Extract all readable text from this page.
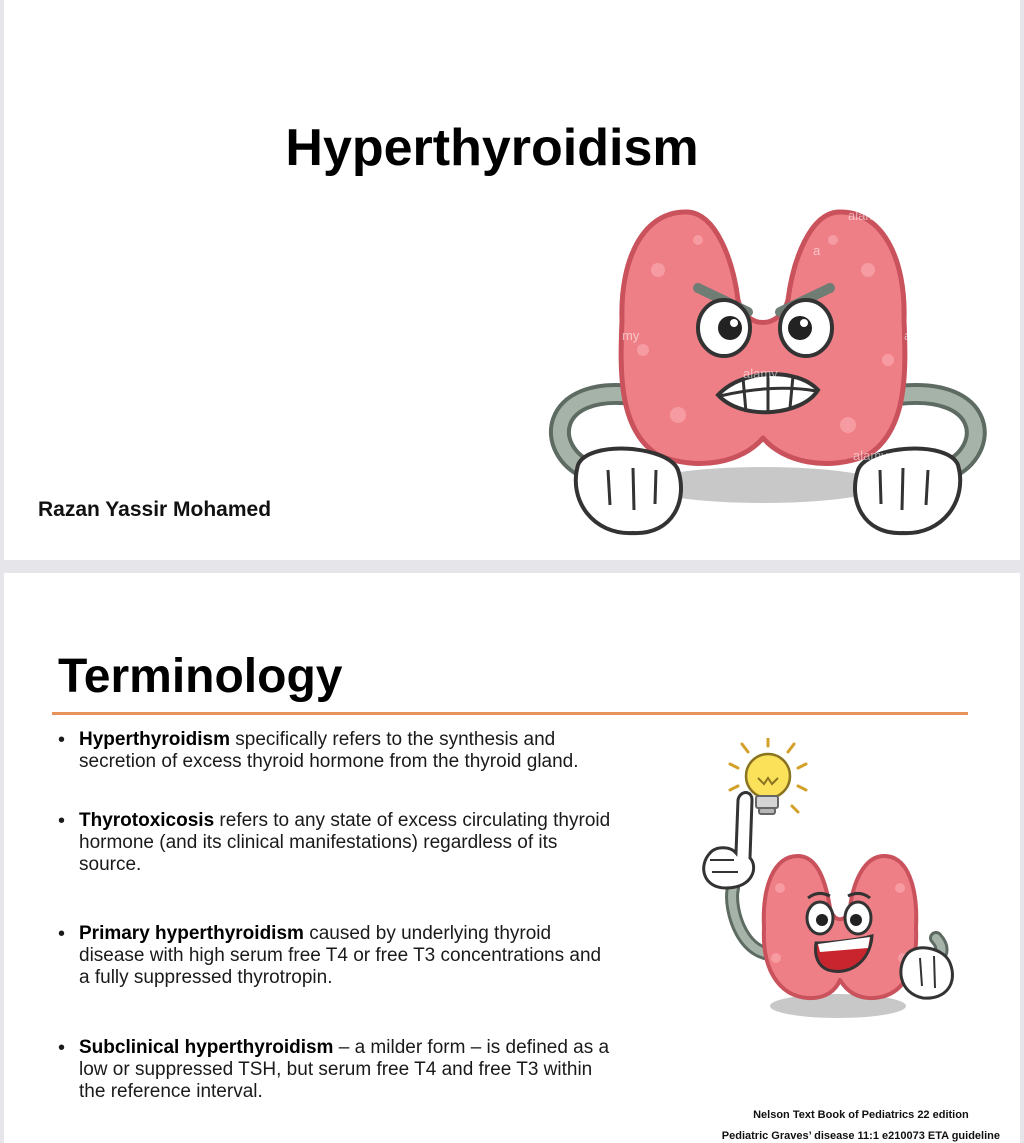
Hyperthyroidism
Razan Yassir Mohamed
alamy
a
my	ala
alamy
alamy
Terminology
• Hyperthyroidism specifically refers to the synthesis and secretion of excess thyroid hormone from the thyroid gland.
• Thyrotoxicosis refers to any state of excess circulating thyroid hormone (and its clinical manifestations) regardless of its source.
• Primary hyperthyroidism caused by underlying thyroid disease with high serum free T4 or free T3 concentrations and a fully suppressed thyrotropin.
• Subclinical hyperthyroidism – a milder form – is defined as a low or suppressed TSH, but serum free T4 and free T3 within the reference interval.
Nelson Text Book of Pediatrics 22 edition
Pediatric Graves’ disease 11:1 e210073 ETA guideline
